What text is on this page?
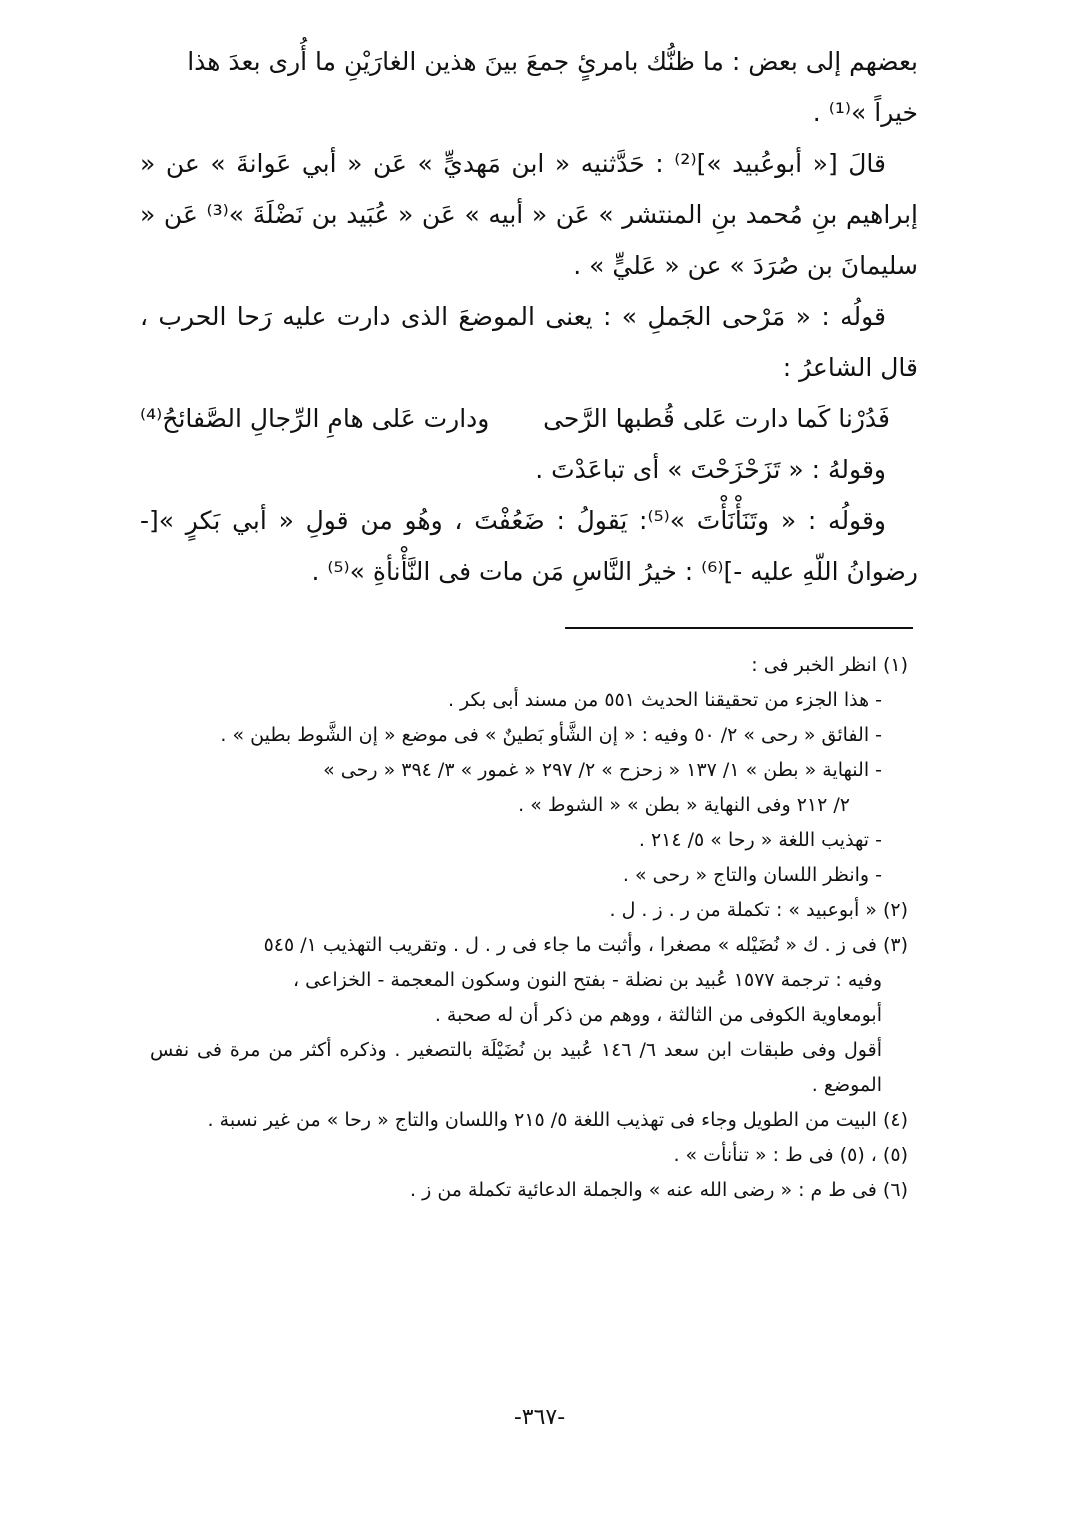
بعضهم إلى بعض : ما ظنُّك بامرئٍ جمعَ بينَ هذين الغارَيْنِ ما أُرى بعدَ هذا

خيراً »⁽¹⁾ .

قالَ [« أبوعُبيد »]⁽²⁾ : حَدَّثنيه « ابن مَهديٍّ » عَن « أبي عَوانةَ » عن « إبراهيم بنِ مُحمد بنِ المنتشر » عَن « أبيه » عَن « عُبَيد بن نَضْلَةَ »⁽³⁾ عَن « سليمانَ بن صُرَدَ » عن « عَليٍّ » .

قولُه : « مَرْحى الجَملِ » : يعنى الموضعَ الذى دارت عليه رَحا الحرب ، قال الشاعرُ :

فَدُرْنا كَما دارت عَلى قُطبها الرَّحى
ودارت عَلى هامِ الرِّجالِ الصَّفائحُ⁽⁴⁾

وقولهُ : « تَزَحْزَحْتَ » أى تباعَدْتَ .

وقولُه : « وتَنَأْنَأْتَ »⁽⁵⁾: يَقولُ : ضَعُفْتَ ، وهُو من قولِ « أبي بَكرٍ »[- رضوانُ اللّهِ عليه -]⁽⁶⁾ : خيرُ النَّاسِ مَن مات فى النَّأْنأةِ »⁽⁵⁾ .

(١) انظر الخبر فى :

- هذا الجزء من تحقيقنا الحديث ٥٥١ من مسند أبى بكر .

- الفائق « رحى » ٢/ ٥٠ وفيه : « إن الشَّأو بَطينٌ » فى موضع « إن الشَّوط بطين » .

- النهاية « بطن » ١/ ١٣٧ « زحزح » ٢/ ٢٩٧ « غمور » ٣/ ٣٩٤ « رحى »

٢/ ٢١٢ وفى النهاية « بطن » « الشوط » .

- تهذيب اللغة « رحا » ٥/ ٢١٤ .

- وانظر اللسان والتاج « رحى » .

(٢) « أبوعبيد » : تكملة من ر . ز . ل .

(٣) فى ز . ك « نُضَيْله » مصغرا ، وأثبت ما جاء فى ر . ل . وتقريب التهذيب ١/ ٥٤٥

وفيه : ترجمة ١٥٧٧ عُبيد بن نضلة - بفتح النون وسكون المعجمة - الخزاعى ،

أبومعاوية الكوفى من الثالثة ، ووهم من ذكر أن له صحبة .

أقول وفى طبقات ابن سعد ٦/ ١٤٦ عُبيد بن نُضَيْلَة بالتصغير . وذكره أكثر من مرة فى نفس الموضع .

(٤) البيت من الطويل وجاء فى تهذيب اللغة ٥/ ٢١٥ واللسان والتاج « رحا » من غير نسبة .

(٥) ، (٥) فى ط : « تنأنأت » .

(٦) فى ط م : « رضى الله عنه » والجملة الدعائية تكملة من ز .

-٣٦٧-
